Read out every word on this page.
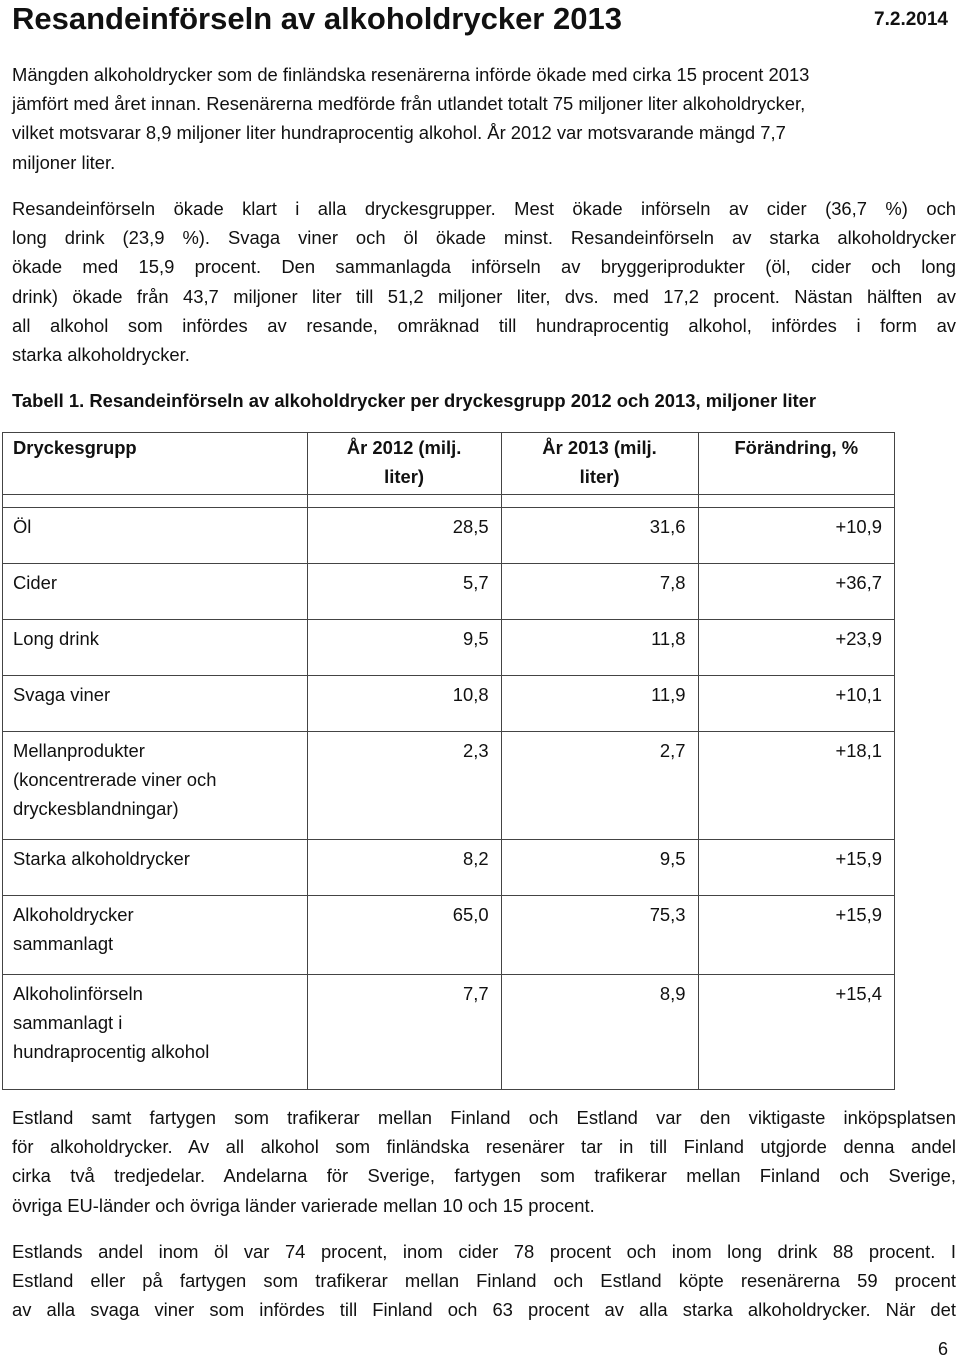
Resandeinförseln av alkoholdrycker 2013	7.2.2014

Mängden alkoholdrycker som de finländska resenärerna införde ökade med cirka 15 procent 2013
jämfört med året innan. Resenärerna medförde från utlandet totalt 75 miljoner liter alkoholdrycker,
vilket motsvarar 8,9 miljoner liter hundraprocentig alkohol. År 2012 var motsvarande mängd 7,7
miljoner liter.

Resandeinförseln ökade klart i alla dryckesgrupper. Mest ökade införseln av cider (36,7 %) och
long drink (23,9 %). Svaga viner och öl ökade minst. Resandeinförseln av starka alkoholdrycker
ökade med 15,9 procent. Den sammanlagda införseln av bryggeriprodukter (öl, cider och long
drink) ökade från 43,7 miljoner liter till 51,2 miljoner liter, dvs. med 17,2 procent. Nästan hälften av
all alkohol som infördes av resande, omräknad till hundraprocentig alkohol, infördes i form av
starka alkoholdrycker.

Tabell 1. Resandeinförseln av alkoholdrycker per dryckesgrupp 2012 och 2013, miljoner liter

Dryckesgrupp	År 2012 (milj.
liter)	År 2013 (milj.
liter)	Förändring, %

Öl	28,5	31,6	+10,9

Cider	5,7	7,8	+36,7

Long drink	9,5	11,8	+23,9

Svaga viner	10,8	11,9	+10,1

Mellanprodukter
(koncentrerade viner och
dryckesblandningar)	2,3	2,7	+18,1

Starka alkoholdrycker	8,2	9,5	+15,9

Alkoholdrycker
sammanlagt	65,0	75,3	+15,9

Alkoholinförseln
sammanlagt i
hundraprocentig alkohol	7,7	8,9	+15,4

Estland samt fartygen som trafikerar mellan Finland och Estland var den viktigaste inköpsplatsen
för alkoholdrycker. Av all alkohol som finländska resenärer tar in till Finland utgjorde denna andel
cirka två tredjedelar. Andelarna för Sverige, fartygen som trafikerar mellan Finland och Sverige,
övriga EU-länder och övriga länder varierade mellan 10 och 15 procent.

Estlands andel inom öl var 74 procent, inom cider 78 procent och inom long drink 88 procent. I
Estland eller på fartygen som trafikerar mellan Finland och Estland köpte resenärerna 59 procent
av alla svaga viner som infördes till Finland och 63 procent av alla starka alkoholdrycker. När det

6
